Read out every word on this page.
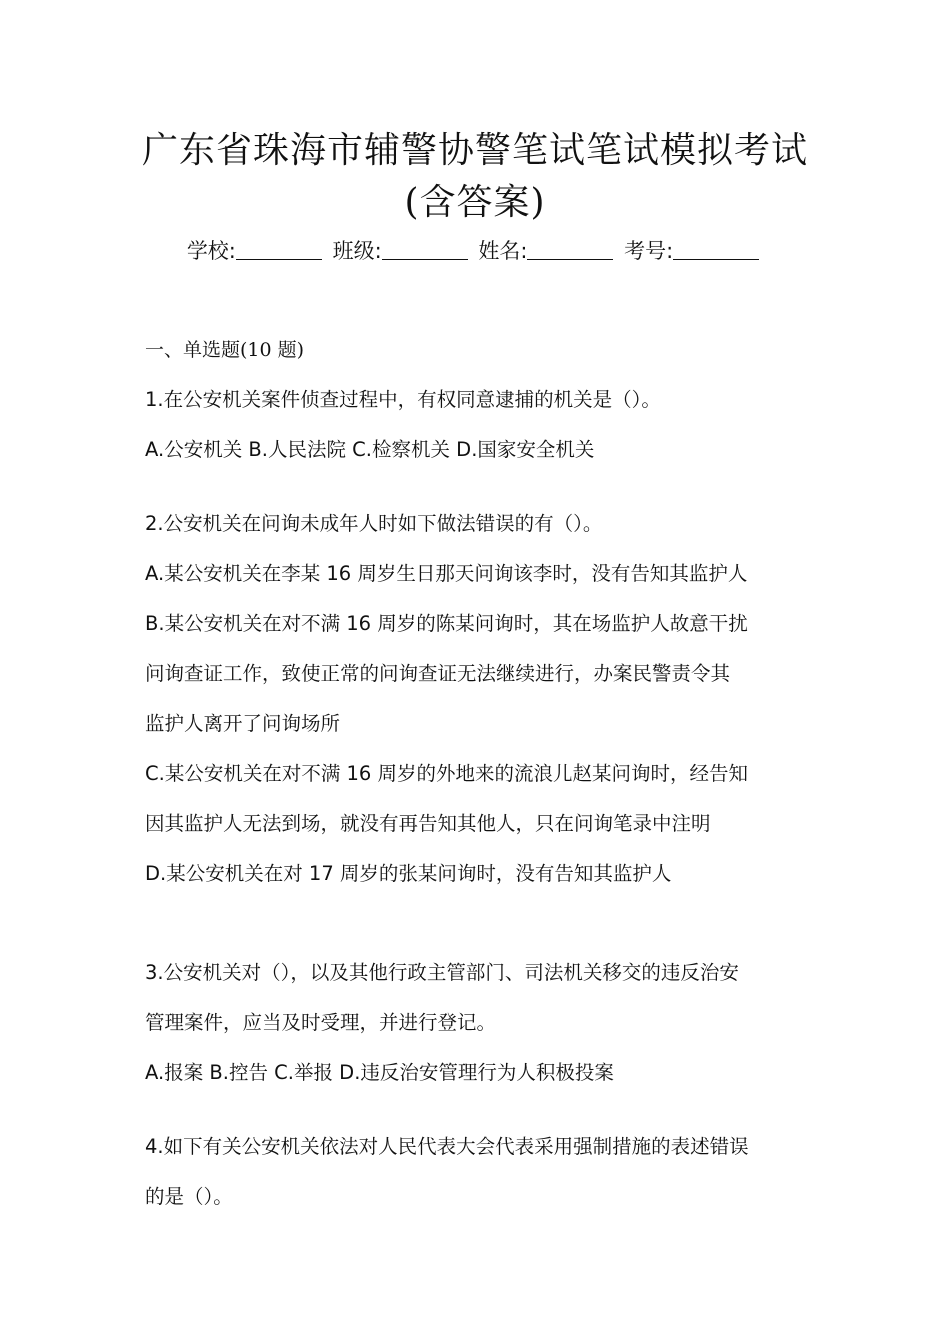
广东省珠海市辅警协警笔试笔试模拟考试
(含答案)
学校:	班级:	姓名:	考号:
一、单选题(10 题)
1.在公安机关案件侦查过程中，有权同意逮捕的机关是（）。
A.公安机关 B.人民法院 C.检察机关 D.国家安全机关
2.公安机关在问询未成年人时如下做法错误的有（）。
A.某公安机关在李某 16 周岁生日那天问询该李时，没有告知其监护人
B.某公安机关在对不满 16 周岁的陈某问询时，其在场监护人故意干扰
问询查证工作，致使正常的问询查证无法继续进行，办案民警责令其
监护人离开了问询场所
C.某公安机关在对不满 16 周岁的外地来的流浪儿赵某问询时，经告知
因其监护人无法到场，就没有再告知其他人，只在问询笔录中注明
D.某公安机关在对 17 周岁的张某问询时，没有告知其监护人
3.公安机关对（），以及其他行政主管部门、司法机关移交的违反治安
管理案件，应当及时受理，并进行登记。
A.报案 B.控告 C.举报 D.违反治安管理行为人积极投案
4.如下有关公安机关依法对人民代表大会代表采用强制措施的表述错误
的是（）。
